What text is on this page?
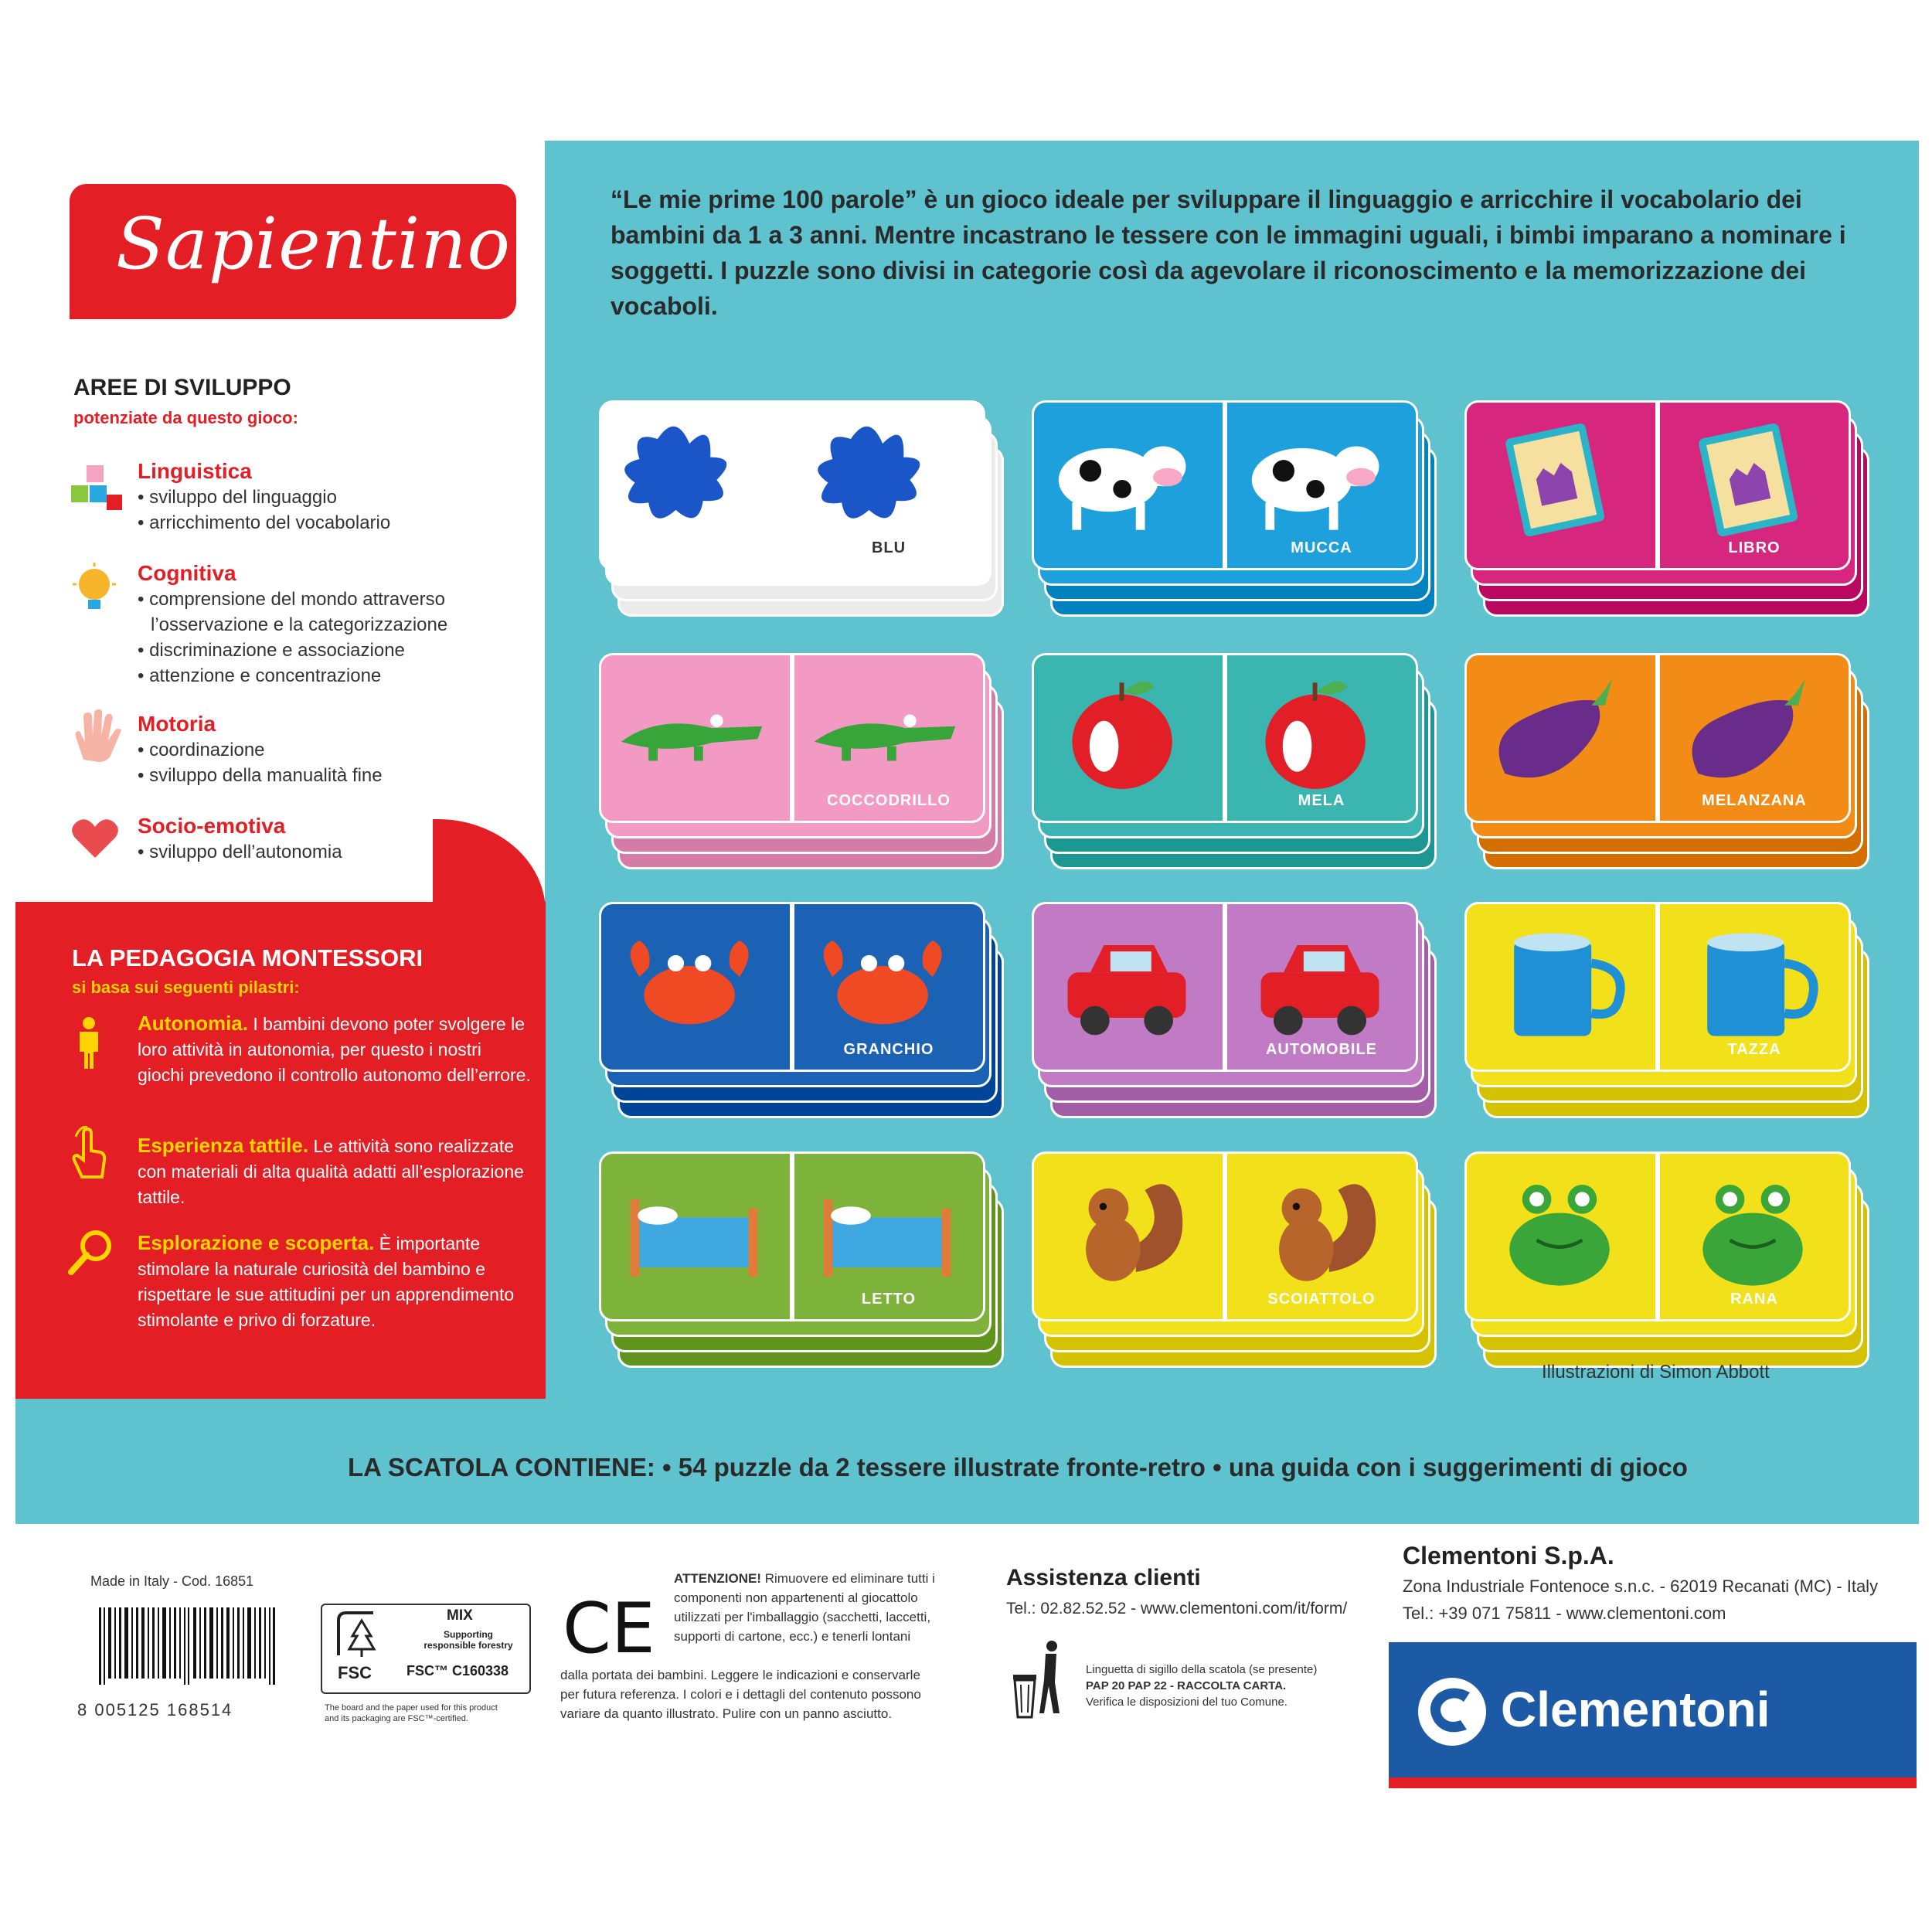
Sapientino
AREE DI SVILUPPO
potenziate da questo gioco:
Linguistica
• sviluppo del linguaggio
• arricchimento del vocabolario
Cognitiva
• comprensione del mondo attraverso
l’osservazione e la categorizzazione
• discriminazione e associazione
• attenzione e concentrazione
Motoria
• coordinazione
• sviluppo della manualità fine
Socio-emotiva
• sviluppo dell’autonomia
LA PEDAGOGIA MONTESSORI
si basa sui seguenti pilastri:
Autonomia. I bambini devono poter svolgere le loro attività in autonomia, per questo i nostri giochi prevedono il controllo autonomo dell’errore.
Esperienza tattile. Le attività sono realizzate con materiali di alta qualità adatti all’esplorazione tattile.
Esplorazione e scoperta. È importante stimolare la naturale curiosità del bambino e rispettare le sue attitudini per un apprendimento stimolante e privo di forzature.
“Le mie prime 100 parole” è un gioco ideale per sviluppare il linguaggio e arricchire il vocabolario dei bambini da 1 a 3 anni. Mentre incastrano le tessere con le immagini uguali, i bimbi imparano a nominare i soggetti. I puzzle sono divisi in categorie così da agevolare il riconoscimento e la memorizzazione dei vocaboli.
BLU	MUCCA	LIBRO
COCCODRILLO	MELA	MELANZANA
GRANCHIO	AUTOMOBILE	TAZZA
LETTO	SCOIATTOLO	RANA
Illustrazioni di Simon Abbott
LA SCATOLA CONTIENE: • 54 puzzle da 2 tessere illustrate fronte-retro • una guida con i suggerimenti di gioco
Made in Italy - Cod. 16851
8 005125 168514
FSC
MIX
Supporting
responsible forestry
FSC™ C160338
The board and the paper used for this product
and its packaging are FSC™-certified.
CE
ATTENZIONE! Rimuovere ed eliminare tutti i
componenti non appartenenti al giocattolo
utilizzati per l'imballaggio (sacchetti, laccetti,
supporti di cartone, ecc.) e tenerli lontani
dalla portata dei bambini. Leggere le indicazioni e conservarle
per futura referenza. I colori e i dettagli del contenuto possono
variare da quanto illustrato. Pulire con un panno asciutto.
Assistenza clienti
Tel.: 02.82.52.52 - www.clementoni.com/it/form/
Linguetta di sigillo della scatola (se presente)
PAP 20 PAP 22 - RACCOLTA CARTA.
Verifica le disposizioni del tuo Comune.
Clementoni S.p.A.
Zona Industriale Fontenoce s.n.c. - 62019 Recanati (MC) - Italy
Tel.: +39 071 75811 - www.clementoni.com
Clementoni
